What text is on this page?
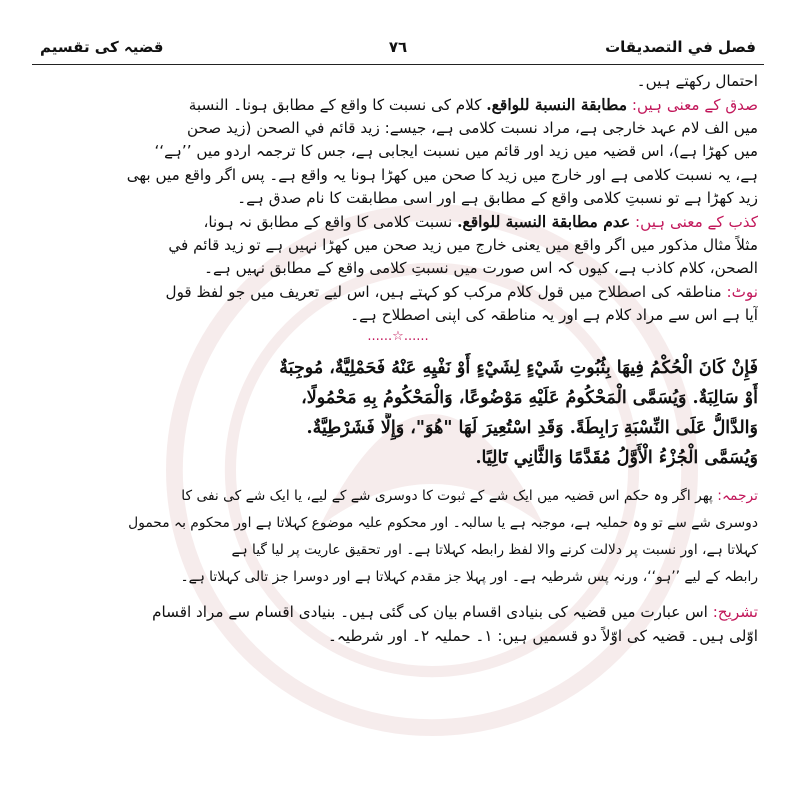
فصل في التصديقات
٧٦
قضيہ کی تقسیم
احتمال رکھتے ہیں۔
صدق کے معنی ہیں: مطابقة النسبة للواقع. کلام کی نسبت کا واقع کے مطابق ہونا۔ النسبة
میں الف لام عہد خارجی ہے، مراد نسبت کلامی ہے، جیسے: زید قائم في الصحن (زید صحن
میں کھڑا ہے)، اس قضیہ میں زید اور قائم میں نسبت ایجابی ہے، جس کا ترجمہ اردو میں ’’ہے‘‘
ہے، یہ نسبت کلامی ہے اور خارج میں زید کا صحن میں کھڑا ہونا یہ واقع ہے۔ پس اگر واقع میں بھی
زید کھڑا ہے تو نسبتِ کلامی واقع کے مطابق ہے اور اسی مطابقت کا نام صدق ہے۔
کذب کے معنی ہیں: عدم مطابقة النسبة للواقع. نسبت کلامی کا واقع کے مطابق نہ ہونا،
مثلاً مثال مذکور میں اگر واقع میں یعنی خارج میں زید صحن میں کھڑا نہیں ہے تو زید قائم في
الصحن، کلام کاذب ہے، کیوں کہ اس صورت میں نسبتِ کلامی واقع کے مطابق نہیں ہے۔
نوٹ: مناطقہ کی اصطلاح میں قول کلام مرکب کو کہتے ہیں، اس لیے تعریف میں جو لفظ قول
آیا ہے اس سے مراد کلام ہے اور یہ مناطقہ کی اپنی اصطلاح ہے۔
......☆......
فَإِنْ كَانَ الْحُكْمُ فِيهَا بِثُبُوتِ شَيْءٍ لِشَيْءٍ أَوْ نَفْيِهِ عَنْهُ فَحَمْلِيَّةٌ، مُوجِبَةٌ
أَوْ سَالِبَةٌ. وَيُسَمَّى الْمَحْكُومُ عَلَيْهِ مَوْضُوعًا، وَالْمَحْكُومُ بِهِ مَحْمُولًا،
وَالدَّالُّ عَلَى النِّسْبَةِ رَابِطَةً. وَقَدِ اسْتُعِيرَ لَهَا "هُوَ"، وَإِلَّا فَشَرْطِيَّةٌ.
وَيُسَمَّى الْجُزْءُ الْأَوَّلُ مُقَدَّمًا وَالثَّانِي تَالِيًا.
ترجمہ: پھر اگر وہ حکم اس قضیہ میں ایک شے کے ثبوت کا دوسری شے کے لیے، یا ایک شے کی نفی کا
دوسری شے سے تو وہ حملیہ ہے، موجبہ ہے یا سالبہ۔ اور محکوم علیہ موضوع کہلاتا ہے اور محکوم بہ محمول
کہلاتا ہے، اور نسبت پر دلالت کرنے والا لفظ رابطہ کہلاتا ہے۔ اور تحقیق عاریت پر لیا گیا ہے
رابطہ کے لیے ’’ہو‘‘، ورنہ پس شرطیہ ہے۔ اور پہلا جز مقدم کہلاتا ہے اور دوسرا جز تالی کہلاتا ہے۔
تشریح: اس عبارت میں قضیہ کی بنیادی اقسام بیان کی گئی ہیں۔ بنیادی اقسام سے مراد اقسام
اوّلی ہیں۔ قضیہ کی اوّلاً دو قسمیں ہیں: ۱۔ حملیہ ۲۔ اور شرطیہ۔
